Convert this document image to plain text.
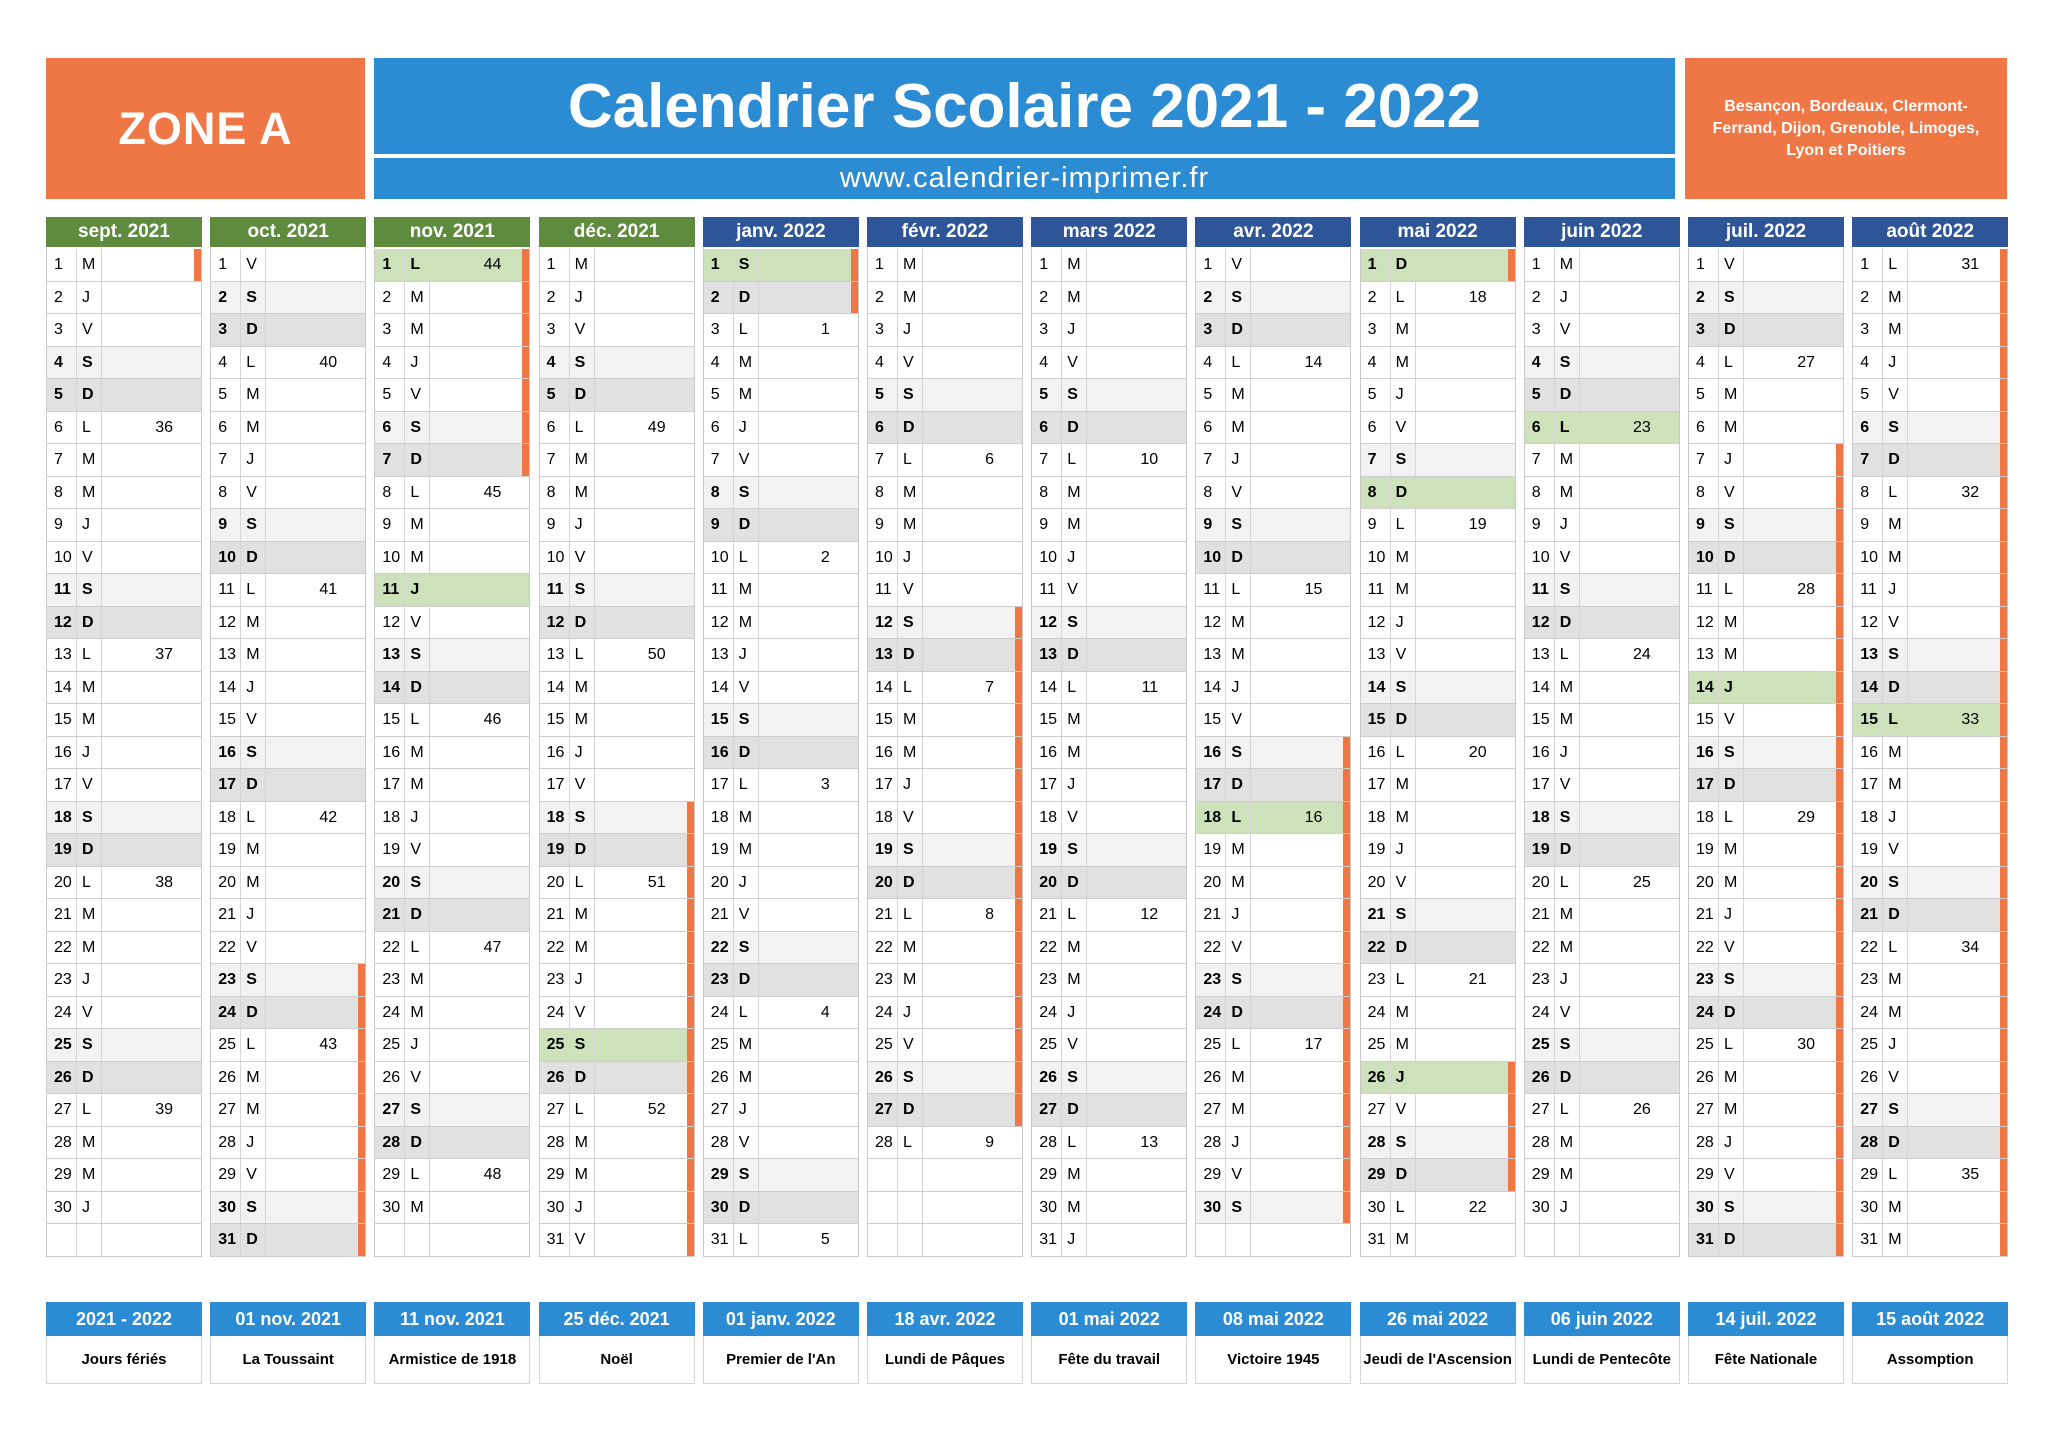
ZONE A	Calendrier Scolaire 2021 - 2022
www.calendrier-imprimer.fr
Besançon, Bordeaux, Clermont-Ferrand, Dijon, Grenoble, Limoges, Lyon et Poitiers
sept. 2021
1 M
2 J
3 V
4 S
5 D
6 L	36
7 M
8 M
9 J
10 V
11 S
12 D
13 L	37
14 M
15 M
16 J
17 V
18 S
19 D
20 L	38
21 M
22 M
23 J
24 V
25 S
26 D
27 L	39
28 M
29 M
30 J
oct. 2021
1 V
2 S
3 D
4 L	40
5 M
6 M
7 J
8 V
9 S
10 D
11 L	41
12 M
13 M
14 J
15 V
16 S
17 D
18 L	42
19 M
20 M
21 J
22 V
23 S
24 D
25 L	43
26 M
27 M
28 J
29 V
30 S
31 D
nov. 2021
1 L	44
2 M
3 M
4 J
5 V
6 S
7 D
8 L	45
9 M
10 M
11 J
12 V
13 S
14 D
15 L	46
16 M
17 M
18 J
19 V
20 S
21 D
22 L	47
23 M
24 M
25 J
26 V
27 S
28 D
29 L	48
30 M
déc. 2021
1 M
2 J
3 V
4 S
5 D
6 L	49
7 M
8 M
9 J
10 V
11 S
12 D
13 L	50
14 M
15 M
16 J
17 V
18 S
19 D
20 L	51
21 M
22 M
23 J
24 V
25 S
26 D
27 L	52
28 M
29 M
30 J
31 V
janv. 2022
1 S
2 D
3 L	1
4 M
5 M
6 J
7 V
8 S
9 D
10 L	2
11 M
12 M
13 J
14 V
15 S
16 D
17 L	3
18 M
19 M
20 J
21 V
22 S
23 D
24 L	4
25 M
26 M
27 J
28 V
29 S
30 D
31 L	5
févr. 2022
1 M
2 M
3 J
4 V
5 S
6 D
7 L	6
8 M
9 M
10 J
11 V
12 S
13 D
14 L	7
15 M
16 M
17 J
18 V
19 S
20 D
21 L	8
22 M
23 M
24 J
25 V
26 S
27 D
28 L	9
mars 2022
1 M
2 M
3 J
4 V
5 S
6 D
7 L	10
8 M
9 M
10 J
11 V
12 S
13 D
14 L	11
15 M
16 M
17 J
18 V
19 S
20 D
21 L	12
22 M
23 M
24 J
25 V
26 S
27 D
28 L	13
29 M
30 M
31 J
avr. 2022
1 V
2 S
3 D
4 L	14
5 M
6 M
7 J
8 V
9 S
10 D
11 L	15
12 M
13 M
14 J
15 V
16 S
17 D
18 L	16
19 M
20 M
21 J
22 V
23 S
24 D
25 L	17
26 M
27 M
28 J
29 V
30 S
mai 2022
1 D
2 L	18
3 M
4 M
5 J
6 V
7 S
8 D
9 L	19
10 M
11 M
12 J
13 V
14 S
15 D
16 L	20
17 M
18 M
19 J
20 V
21 S
22 D
23 L	21
24 M
25 M
26 J
27 V
28 S
29 D
30 L	22
31 M
juin 2022
1 M
2 J
3 V
4 S
5 D
6 L	23
7 M
8 M
9 J
10 V
11 S
12 D
13 L	24
14 M
15 M
16 J
17 V
18 S
19 D
20 L	25
21 M
22 M
23 J
24 V
25 S
26 D
27 L	26
28 M
29 M
30 J
juil. 2022
1 V
2 S
3 D
4 L	27
5 M
6 M
7 J
8 V
9 S
10 D
11 L	28
12 M
13 M
14 J
15 V
16 S
17 D
18 L	29
19 M
20 M
21 J
22 V
23 S
24 D
25 L	30
26 M
27 M
28 J
29 V
30 S
31 D
août 2022
1 L	31
2 M
3 M
4 J
5 V
6 S
7 D
8 L	32
9 M
10 M
11 J
12 V
13 S
14 D
15 L	33
16 M
17 M
18 J
19 V
20 S
21 D
22 L	34
23 M
24 M
25 J
26 V
27 S
28 D
29 L	35
30 M
31 M
2021 - 2022
Jours fériés
01 nov. 2021
La Toussaint
11 nov. 2021
Armistice de 1918
25 déc. 2021
Noël
01 janv. 2022
Premier de l'An
18 avr. 2022
Lundi de Pâques
01 mai 2022
Fête du travail
08 mai 2022
Victoire 1945
26 mai 2022
Jeudi de l'Ascension
06 juin 2022
Lundi de Pentecôte
14 juil. 2022
Fête Nationale
15 août 2022
Assomption
